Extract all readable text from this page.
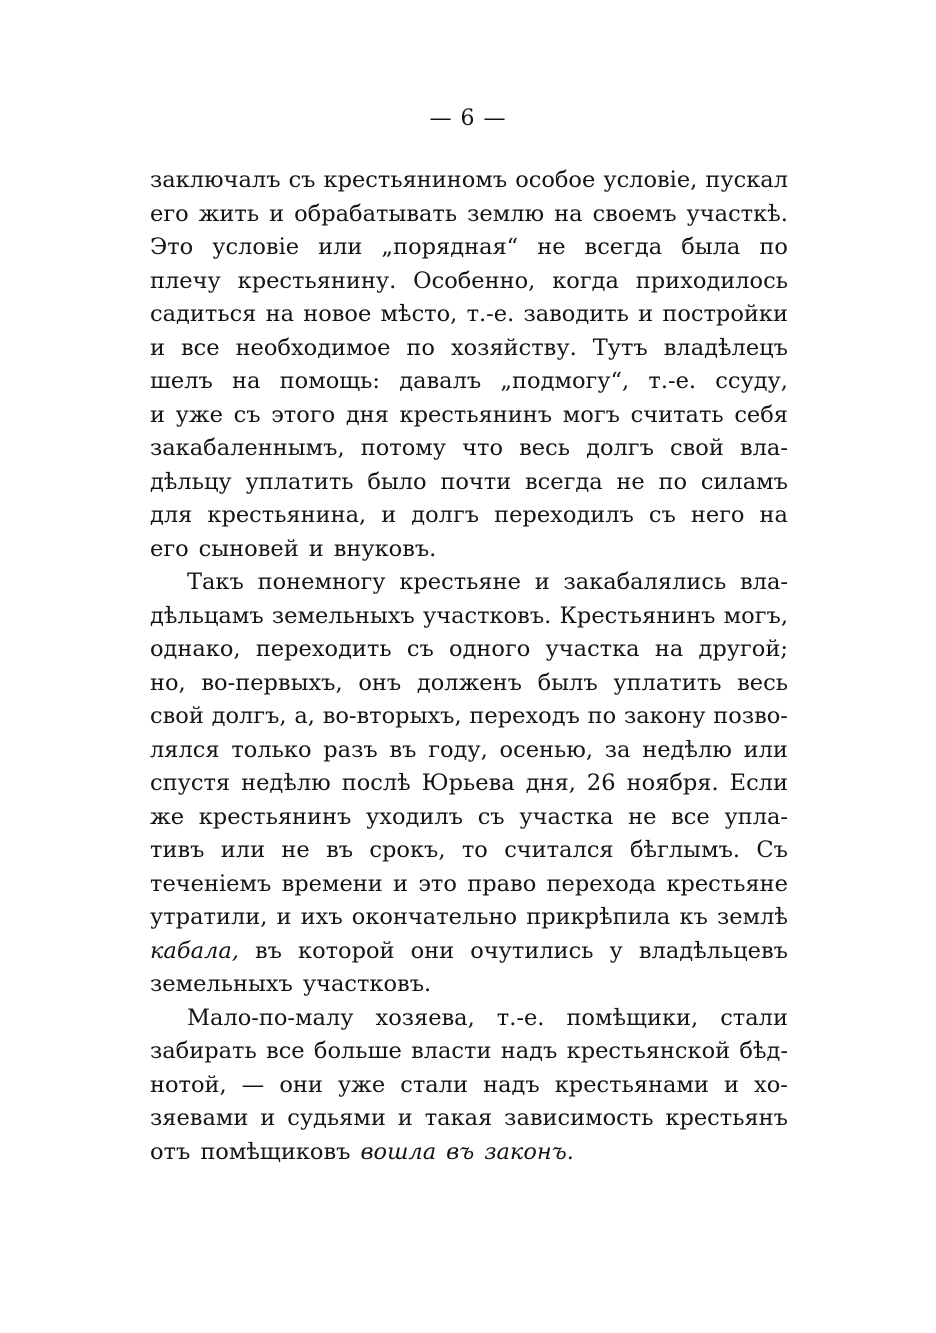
— 6 —
заключалъ съ крестьяниномъ особое условіе, пускал
его жить и обрабатывать землю на своемъ участкѣ.
Это условіе или „порядная“ не всегда была по
плечу крестьянину. Особенно, когда приходилось
садиться на новое мѣсто, т.-е. заводить и постройки
и все необходимое по хозяйству. Тутъ владѣлецъ
шелъ на помощь: давалъ „подмогу“, т.-е. ссуду,
и уже съ этого дня крестьянинъ могъ считать себя
закабаленнымъ, потому что весь долгъ свой вла-
дѣльцу уплатить было почти всегда не по силамъ
для крестьянина, и долгъ переходилъ съ него на
его сыновей и внуковъ.
Такъ понемногу крестьяне и закабалялись вла-
дѣльцамъ земельныхъ участковъ. Крестьянинъ могъ,
однако, переходить съ одного участка на другой;
но, во-первыхъ, онъ долженъ былъ уплатить весь
свой долгъ, а, во-вторыхъ, переходъ по закону позво-
лялся только разъ въ году, осенью, за недѣлю или
спустя недѣлю послѣ Юрьева дня, 26 ноября. Если
же крестьянинъ уходилъ съ участка не все упла-
тивъ или не въ срокъ, то считался бѣглымъ. Съ
теченіемъ времени и это право перехода крестьяне
утратили, и ихъ окончательно прикрѣпила къ землѣ
кабала, въ которой они очутились у владѣльцевъ
земельныхъ участковъ.
Мало-по-малу хозяева, т.-е. помѣщики, стали
забирать все больше власти надъ крестьянской бѣд-
нотой, — они уже стали надъ крестьянами и хо-
зяевами и судьями и такая зависимость крестьянъ
отъ помѣщиковъ вошла въ законъ.
